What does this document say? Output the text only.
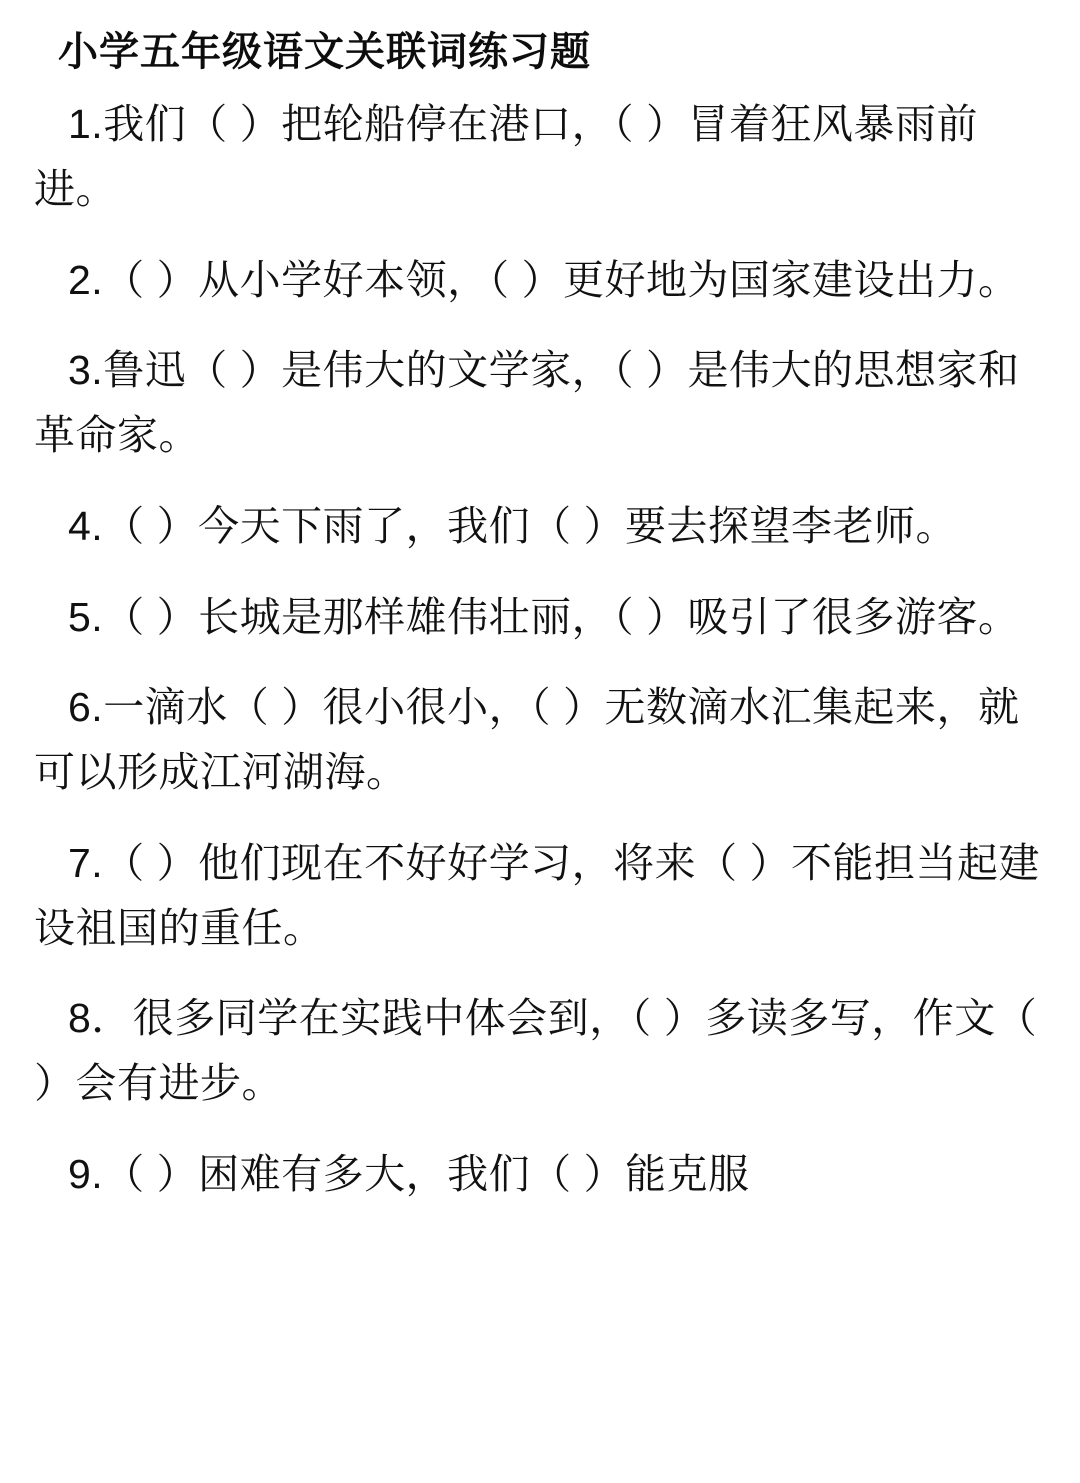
小学五年级语文关联词练习题

1.我们（ ）把轮船停在港口，（ ）冒着狂风暴雨前进。

2.（ ）从小学好本领，（ ）更好地为国家建设出力。

3.鲁迅（ ）是伟大的文学家，（ ）是伟大的思想家和革命家。

4.（ ）今天下雨了，我们（ ）要去探望李老师。

5.（ ）长城是那样雄伟壮丽，（ ）吸引了很多游客。

6.一滴水（ ）很小很小，（ ）无数滴水汇集起来，就可以形成江河湖海。

7.（ ）他们现在不好好学习，将来（ ）不能担当起建设祖国的重任。

8．很多同学在实践中体会到，（ ）多读多写，作文（ ）会有进步。

9.（ ）困难有多大，我们（ ）能克服
